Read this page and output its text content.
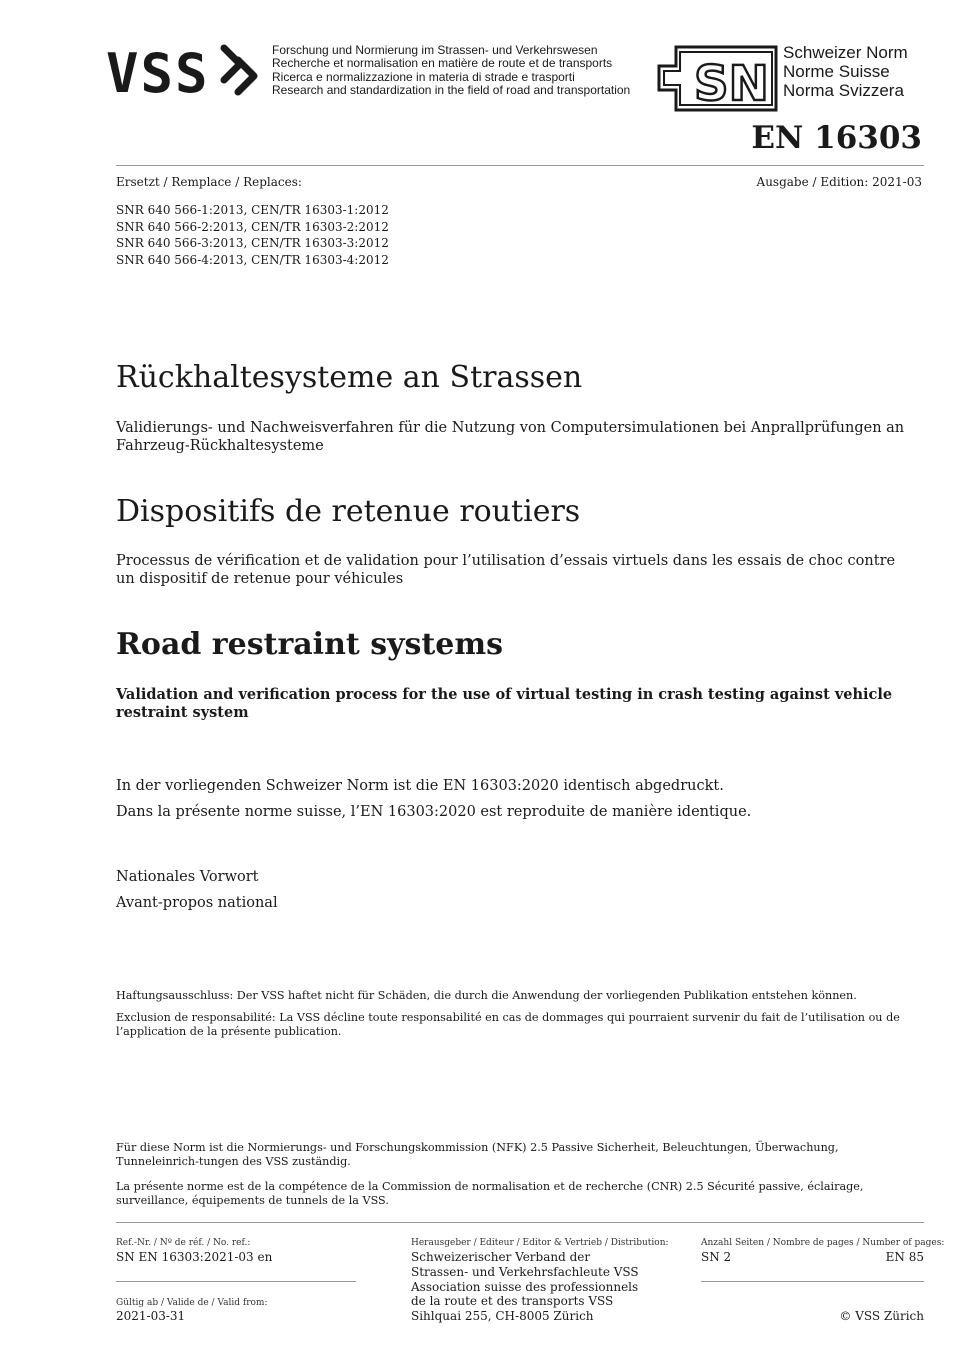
VSS	Forschung und Normierung im Strassen- und Verkehrswesen
Recherche et normalisation en matière de route et de transports
Ricerca e normalizzazione in materia di strade e trasporti
Research and standardization in the field of road and transportation SN
Schweizer Norm
Norme Suisse
Norma Svizzera
EN 16303
Ersetzt / Remplace / Replaces:	Ausgabe / Edition: 2021-03
SNR 640 566-1:2013, CEN/TR 16303-1:2012
SNR 640 566-2:2013, CEN/TR 16303-2:2012
SNR 640 566-3:2013, CEN/TR 16303-3:2012
SNR 640 566-4:2013, CEN/TR 16303-4:2012
Rückhaltesysteme an Strassen
Validierungs- und Nachweisverfahren für die Nutzung von Computersimulationen bei Anprallprüfungen an Fahrzeug-Rückhaltesysteme
Dispositifs de retenue routiers
Processus de vérification et de validation pour l’utilisation d’essais virtuels dans les essais de choc contre un dispositif de retenue pour véhicules
Road restraint systems
Validation and verification process for the use of virtual testing in crash testing against vehicle restraint system
In der vorliegenden Schweizer Norm ist die EN 16303:2020 identisch abgedruckt.
Dans la présente norme suisse, l’EN 16303:2020 est reproduite de manière identique.
Nationales Vorwort
Avant-propos national
Haftungsausschluss: Der VSS haftet nicht für Schäden, die durch die Anwendung der vorliegenden Publikation entstehen können.
Exclusion de responsabilité: La VSS décline toute responsabilité en cas de dommages qui pourraient survenir du fait de l’utilisation ou de l’application de la présente publication.
Für diese Norm ist die Normierungs- und Forschungskommission (NFK) 2.5 Passive Sicherheit, Beleuchtungen, Überwachung, Tunneleinrich-tungen des VSS zuständig.
La présente norme est de la compétence de la Commission de normalisation et de recherche (CNR) 2.5 Sécurité passive, éclairage, surveillance, équipements de tunnels de la VSS.
Ref.-Nr. / Nº de réf. / No. ref.:
SN EN 16303:2021-03 en
Gültig ab / Valide de / Valid from:
2021-03-31
Herausgeber / Editeur / Editor & Vertrieb / Distribution:
Schweizerischer Verband der
Strassen- und Verkehrsfachleute VSS
Association suisse des professionnels
de la route et des transports VSS
Sihlquai 255, CH-8005 Zürich
Anzahl Seiten / Nombre de pages / Number of pages:
SN 2	EN 85
© VSS Zürich
